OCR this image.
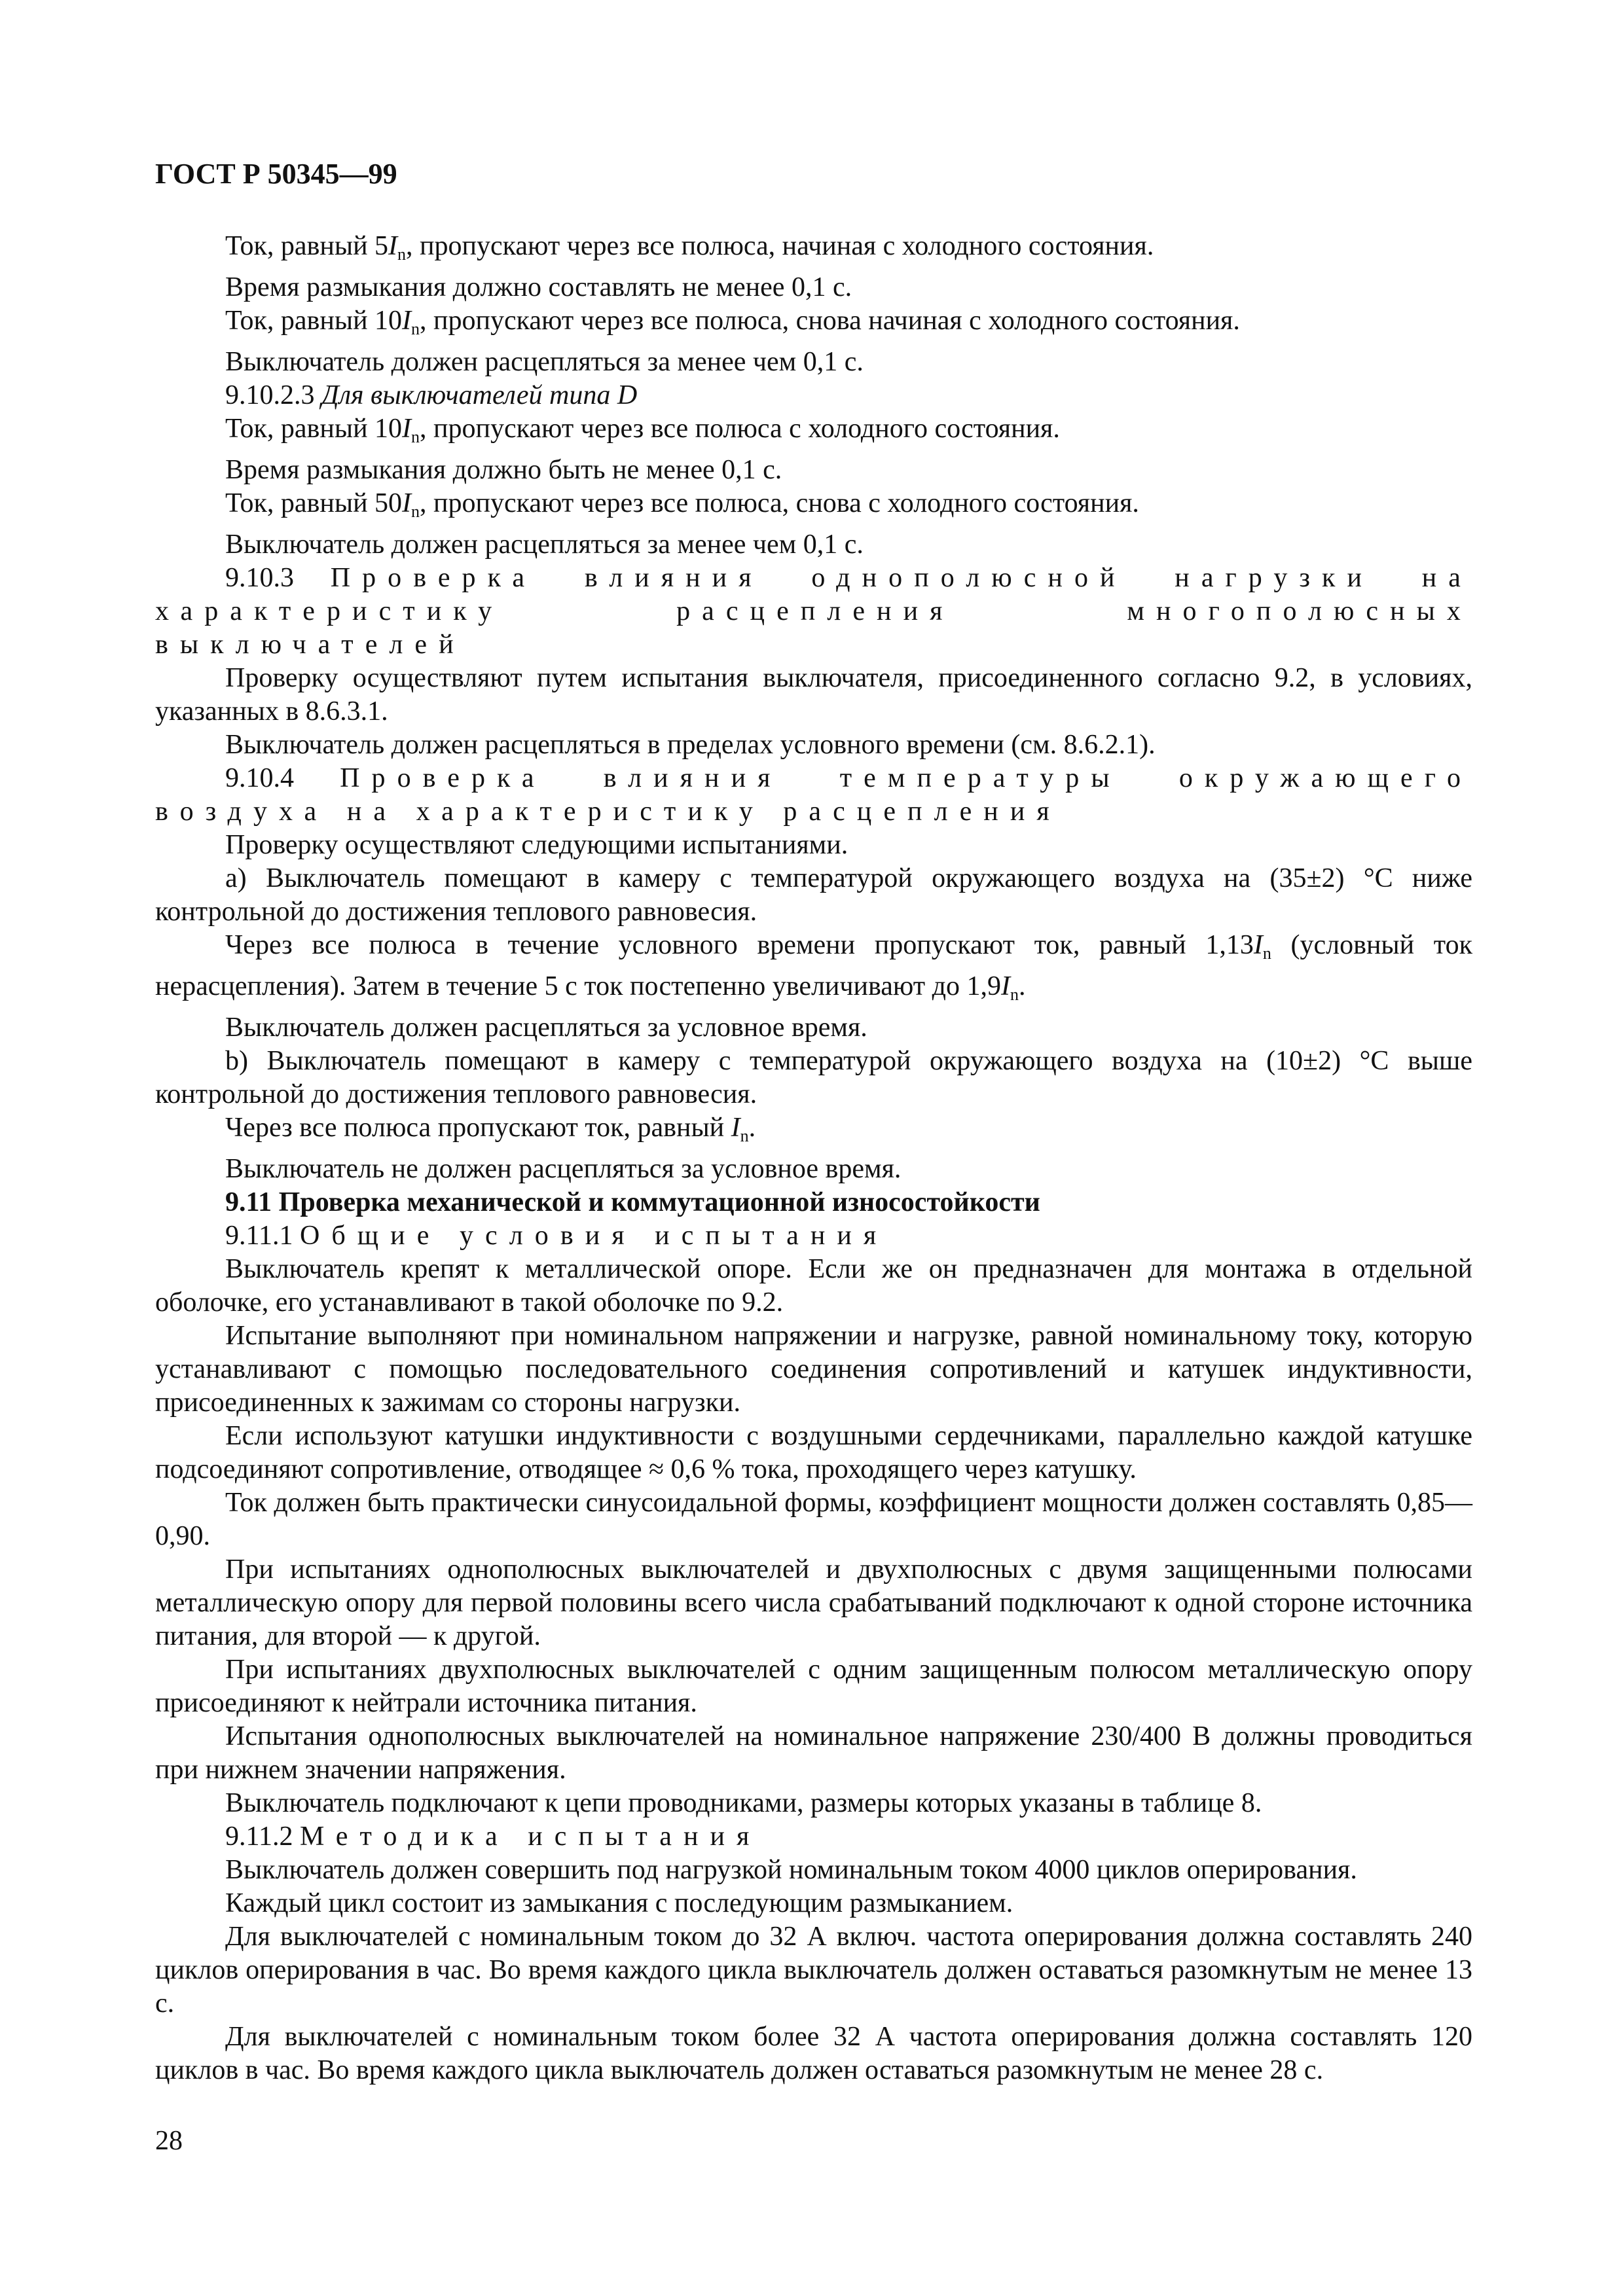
ГОСТ Р 50345—99

Ток, равный $5I_n$, пропускают через все полюса, начиная с холодного состояния.

Время размыкания должно составлять не менее 0,1 с.

Ток, равный $10I_n$, пропускают через все полюса, снова начиная с холодного состояния.

Выключатель должен расцепляться за менее чем 0,1 с.

9.10.2.3 Для выключателей типа D

Ток, равный $10I_n$, пропускают через все полюса с холодного состояния.

Время размыкания должно быть не менее 0,1 с.

Ток, равный $50I_n$, пропускают через все полюса, снова с холодного состояния.

Выключатель должен расцепляться за менее чем 0,1 с.

9.10.3 Проверка влияния однополюсной нагрузки на характеристику расцепления многополюсных выключателей

Проверку осуществляют путем испытания выключателя, присоединенного согласно 9.2, в условиях, указанных в 8.6.3.1.

Выключатель должен расцепляться в пределах условного времени (см. 8.6.2.1).

9.10.4 Проверка влияния температуры окружающего воздуха на характеристику расцепления

Проверку осуществляют следующими испытаниями.

а) Выключатель помещают в камеру с температурой окружающего воздуха на (35±2) °С ниже контрольной до достижения теплового равновесия.

Через все полюса в течение условного времени пропускают ток, равный $1,13I_n$ (условный ток нерасцепления). Затем в течение 5 с ток постепенно увеличивают до $1,9I_n$.

Выключатель должен расцепляться за условное время.

b) Выключатель помещают в камеру с температурой окружающего воздуха на (10±2) °С выше контрольной до достижения теплового равновесия.

Через все полюса пропускают ток, равный $I_n$.

Выключатель не должен расцепляться за условное время.

9.11 Проверка механической и коммутационной износостойкости

9.11.1 Общие условия испытания

Выключатель крепят к металлической опоре. Если же он предназначен для монтажа в отдельной оболочке, его устанавливают в такой оболочке по 9.2.

Испытание выполняют при номинальном напряжении и нагрузке, равной номинальному току, которую устанавливают с помощью последовательного соединения сопротивлений и катушек индуктивности, присоединенных к зажимам со стороны нагрузки.

Если используют катушки индуктивности с воздушными сердечниками, параллельно каждой катушке подсоединяют сопротивление, отводящее ≈ 0,6 % тока, проходящего через катушку.

Ток должен быть практически синусоидальной формы, коэффициент мощности должен составлять 0,85—0,90.

При испытаниях однополюсных выключателей и двухполюсных с двумя защищенными полюсами металлическую опору для первой половины всего числа срабатываний подключают к одной стороне источника питания, для второй — к другой.

При испытаниях двухполюсных выключателей с одним защищенным полюсом металлическую опору присоединяют к нейтрали источника питания.

Испытания однополюсных выключателей на номинальное напряжение 230/400 В должны проводиться при нижнем значении напряжения.

Выключатель подключают к цепи проводниками, размеры которых указаны в таблице 8.

9.11.2 Методика испытания

Выключатель должен совершить под нагрузкой номинальным током 4000 циклов оперирования.

Каждый цикл состоит из замыкания с последующим размыканием.

Для выключателей с номинальным током до 32 А включ. частота оперирования должна составлять 240 циклов оперирования в час. Во время каждого цикла выключатель должен оставаться разомкнутым не менее 13 с.

Для выключателей с номинальным током более 32 А частота оперирования должна составлять 120 циклов в час. Во время каждого цикла выключатель должен оставаться разомкнутым не менее 28 с.

28
